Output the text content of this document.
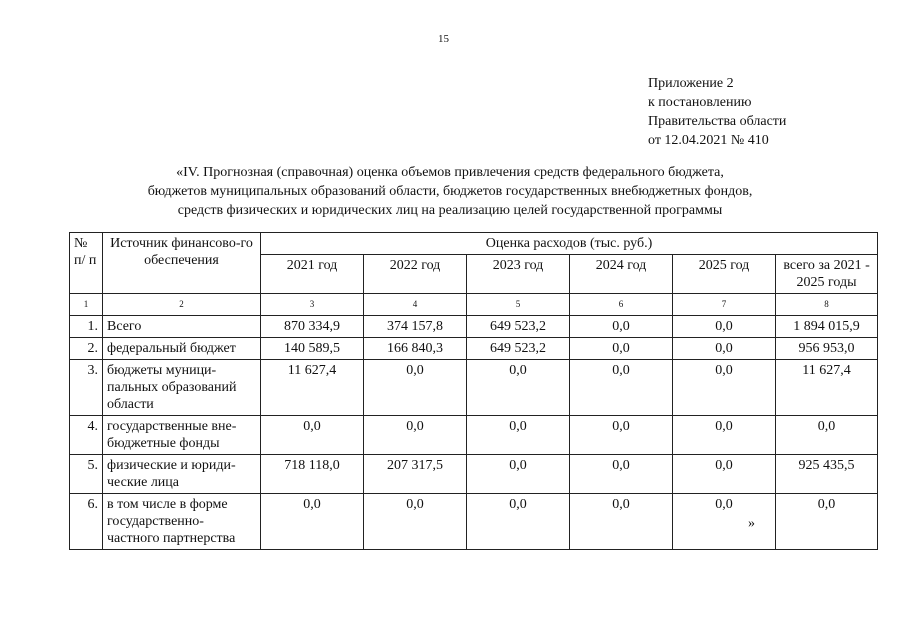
15
Приложение 2
к постановлению
Правительства области
от 12.04.2021 № 410
«IV. Прогнозная (справочная) оценка объемов привлечения средств федерального бюджета,
бюджетов муниципальных образований области, бюджетов государственных внебюджетных фондов,
средств физических и юридических лиц на реализацию целей государственной программы
№ п/ п	Источник финансово-го обеспечения	Оценка расходов (тыс. руб.)					
		2021 год	2022 год	2023 год	2024 год	2025 год	всего за 2021 - 2025 годы
1	2	3	4	5	6	7	8
1.	Всего	870 334,9	374 157,8	649 523,2	0,0	0,0	1 894 015,9
2.	федеральный бюджет	140 589,5	166 840,3	649 523,2	0,0	0,0	956 953,0
3.	бюджеты муници-пальных образований области	11 627,4	0,0	0,0	0,0	0,0	11 627,4
4.	государственные вне-бюджетные фонды	0,0	0,0	0,0	0,0	0,0	0,0
5.	физические и юриди-ческие лица	718 118,0	207 317,5	0,0	0,0	0,0	925 435,5
6.	в том числе в форме государственно-частного партнерства	0,0	0,0	0,0	0,0	0,0	0,0
»
